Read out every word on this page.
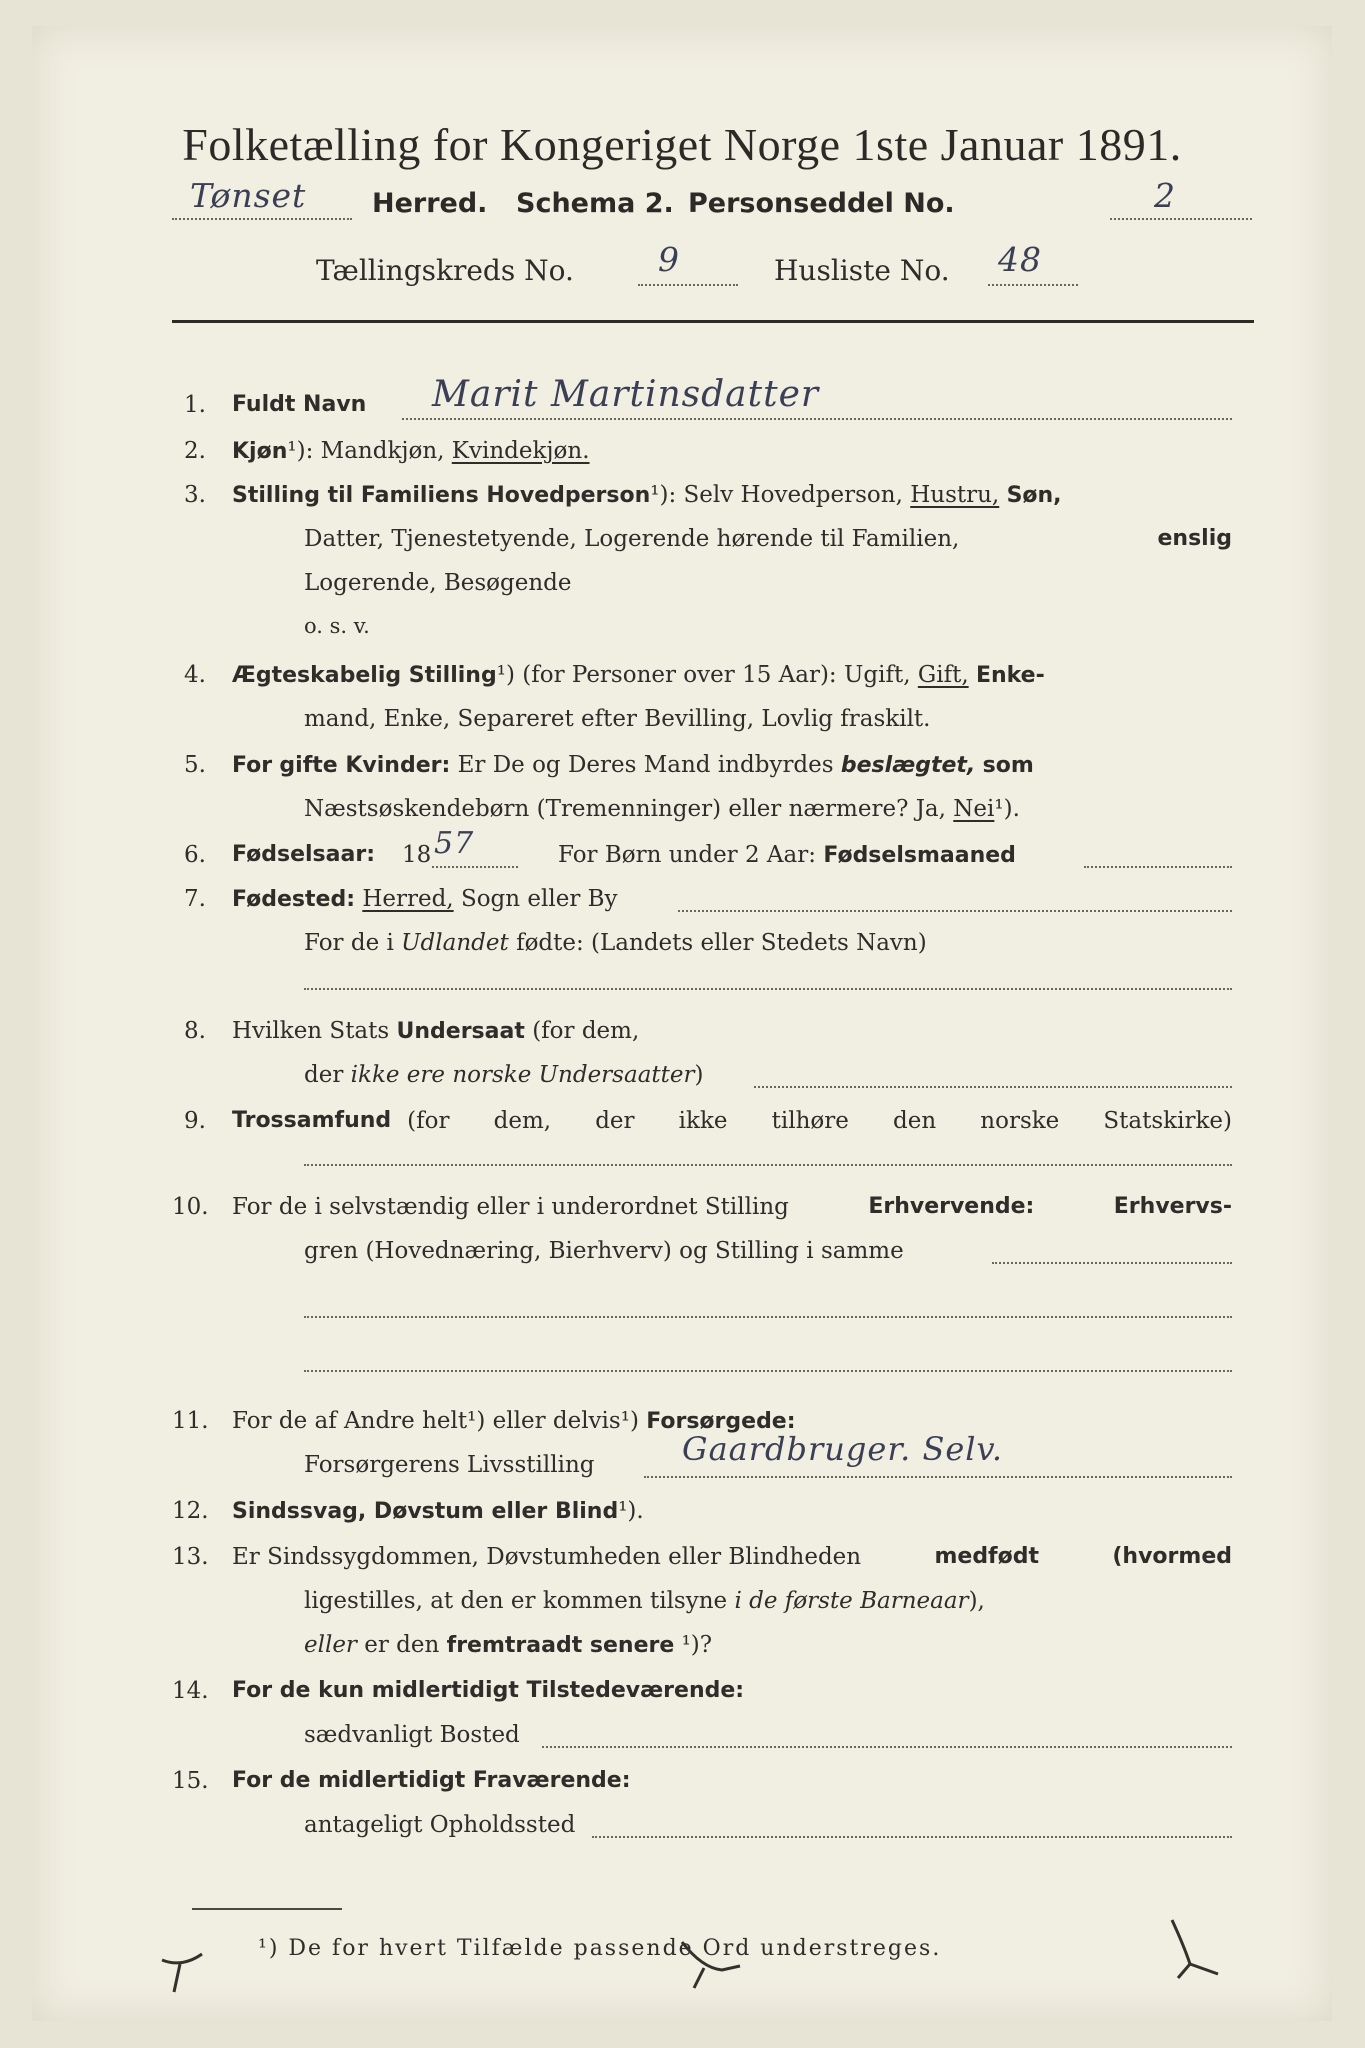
Folketælling for Kongeriget Norge 1ste Januar 1891.
Tønset Herred. Schema 2. Personseddel No.	2
Tællingskreds No.	9	Husliste No. 48
1. Fuldt Navn Marit Martinsdatter
2. Kjøn¹): Mandkjøn, Kvindekjøn.
3. Stilling til Familiens Hovedperson¹): Selv Hovedperson, Hustru, Søn,
Datter, Tjenestetyende, Logerende hørende til Familien,	enslig
Logerende, Besøgende
o. s. v.
4. Ægteskabelig Stilling¹) (for Personer over 15 Aar): Ugift, Gift, Enke-
mand, Enke, Separeret efter Bevilling, Lovlig fraskilt.
5. For gifte Kvinder: Er De og Deres Mand indbyrdes beslægtet, som
Næstsøskendebørn (Tremenninger) eller nærmere? Ja, Nei¹).
6. Fødselsaar: 18 57	For Børn under 2 Aar: Fødselsmaaned
7. Fødested: Herred, Sogn eller By
For de i Udlandet fødte: (Landets eller Stedets Navn)
8. Hvilken Stats Undersaat (for dem,
der ikke ere norske Undersaatter)
9. Trossamfund (for dem, der ikke tilhøre den norske Statskirke)
10. For de i selvstændig eller i underordnet Stilling	Erhvervende:	Erhvervs-
gren (Hovednæring, Bierhverv) og Stilling i samme
11. For de af Andre helt¹) eller delvis¹) Forsørgede:
Forsørgerens Livsstilling	Gaardbruger. Selv.
12. Sindssvag, Døvstum eller Blind¹).
13. Er Sindssygdommen, Døvstumheden eller Blindheden	medfødt	(hvormed
ligestilles, at den er kommen tilsyne i de første Barneaar),
eller er den fremtraadt senere ¹)?
14. For de kun midlertidigt Tilstedeværende:
sædvanligt Bosted
15. For de midlertidigt Fraværende:
antageligt Opholdssted
¹) De for hvert Tilfælde passende Ord understreges.
